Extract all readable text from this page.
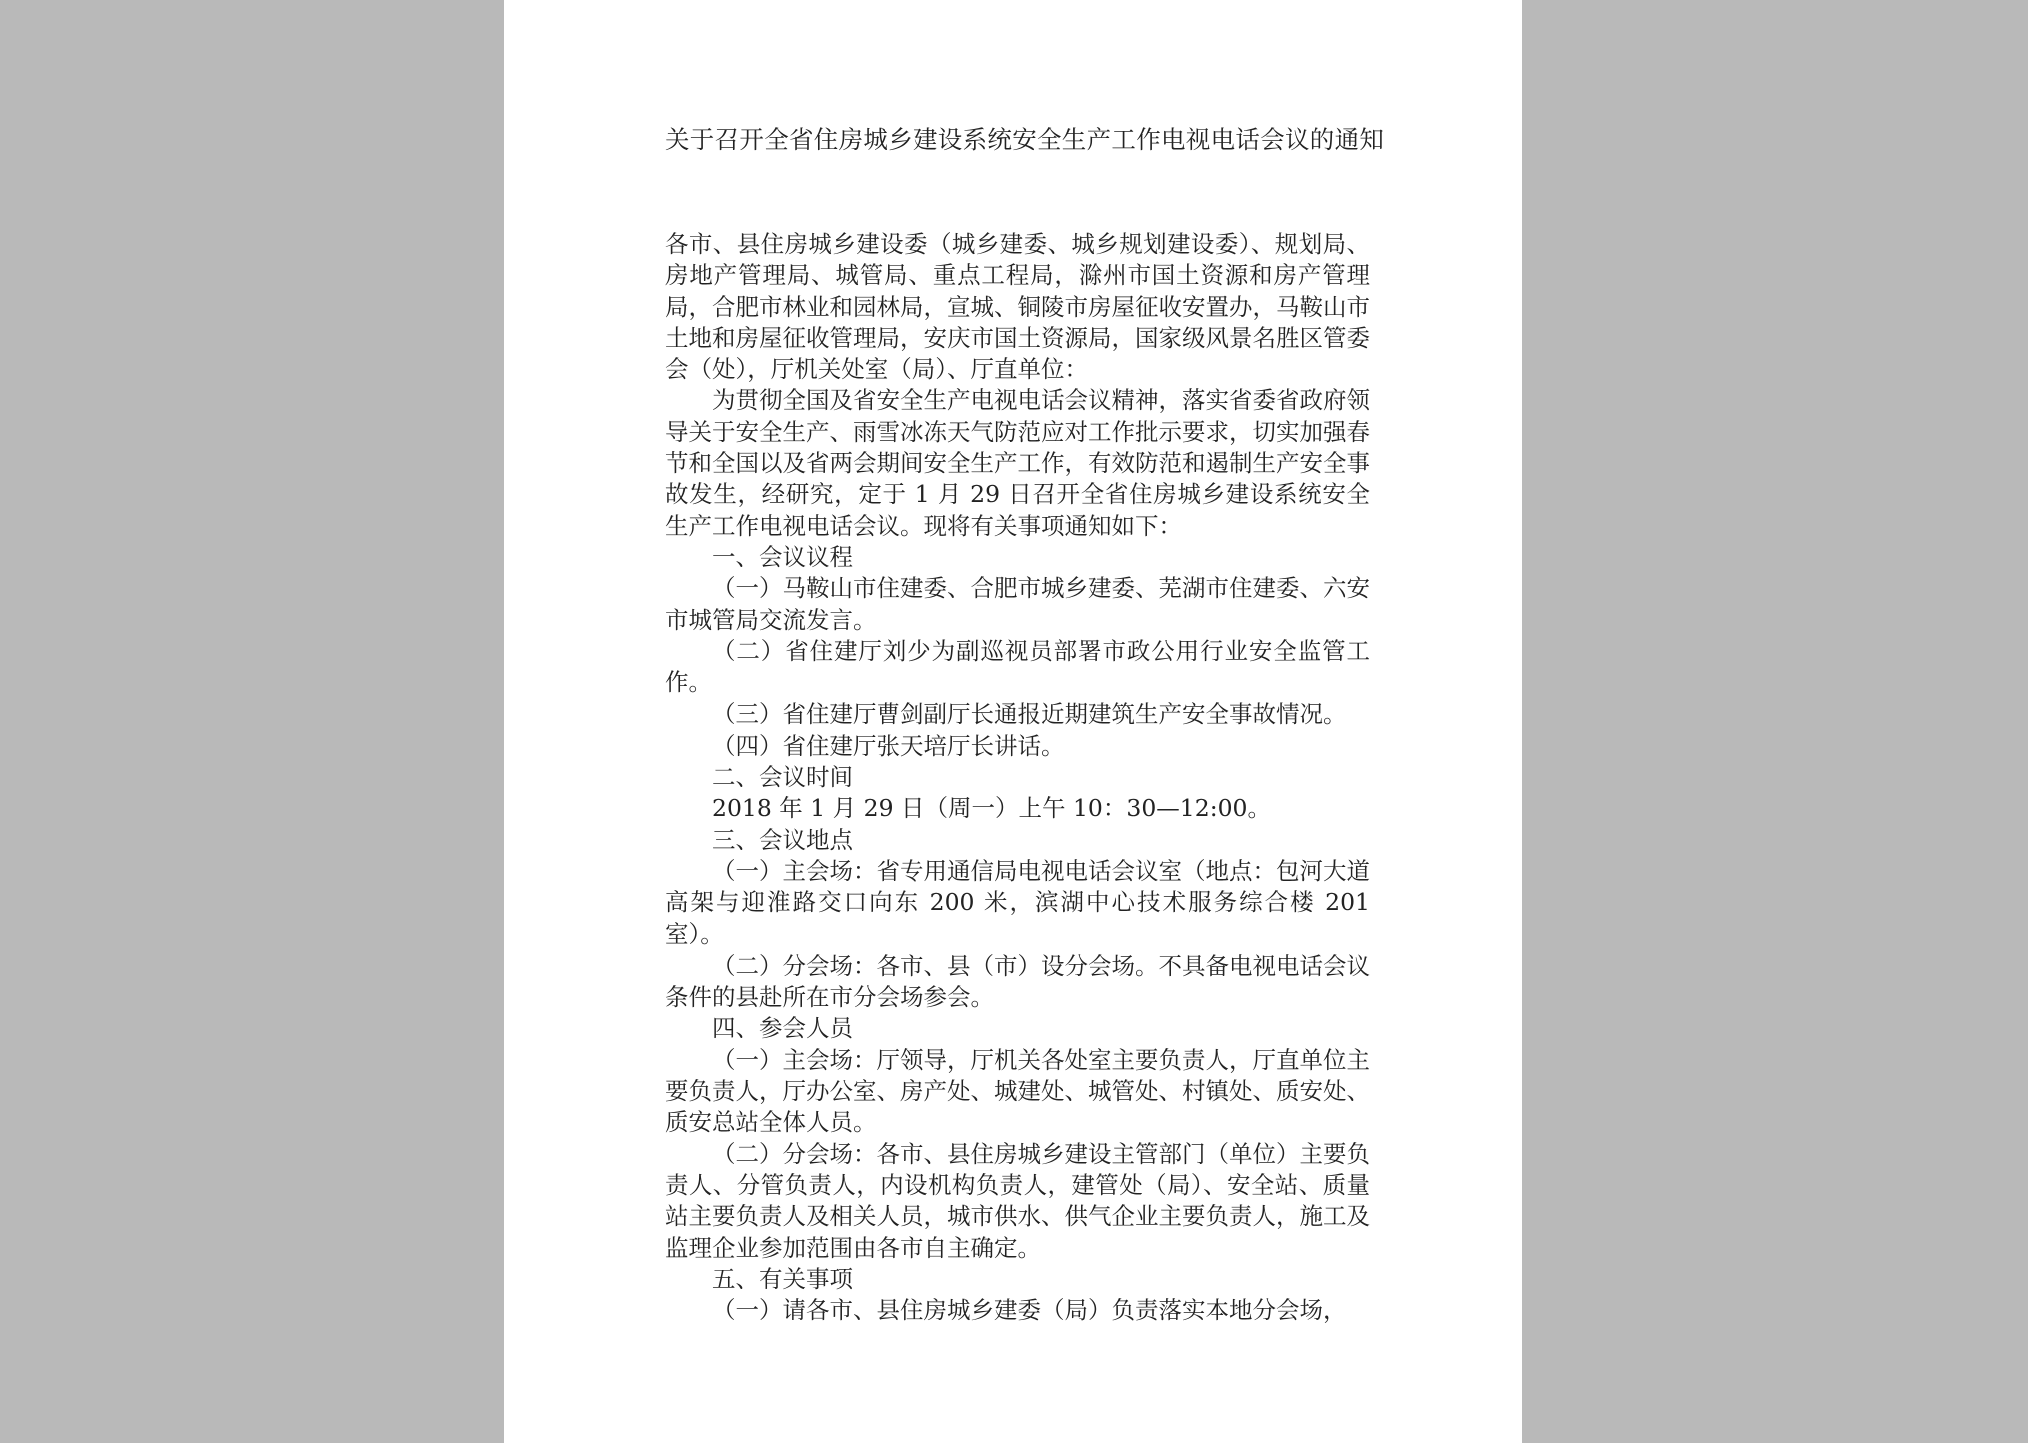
关于召开全省住房城乡建设系统安全生产工作电视电话会议的通知

各市、县住房城乡建设委（城乡建委、城乡规划建设委）、规划局、房地产管理局、城管局、重点工程局，滁州市国土资源和房产管理局，合肥市林业和园林局，宣城、铜陵市房屋征收安置办，马鞍山市土地和房屋征收管理局，安庆市国土资源局，国家级风景名胜区管委会（处），厅机关处室（局）、厅直单位：

为贯彻全国及省安全生产电视电话会议精神，落实省委省政府领导关于安全生产、雨雪冰冻天气防范应对工作批示要求，切实加强春节和全国以及省两会期间安全生产工作，有效防范和遏制生产安全事故发生，经研究，定于 1 月 29 日召开全省住房城乡建设系统安全生产工作电视电话会议。现将有关事项通知如下：

一、会议议程

（一）马鞍山市住建委、合肥市城乡建委、芜湖市住建委、六安市城管局交流发言。

（二）省住建厅刘少为副巡视员部署市政公用行业安全监管工作。

（三）省住建厅曹剑副厅长通报近期建筑生产安全事故情况。

（四）省住建厅张天培厅长讲话。

二、会议时间

2018 年 1 月 29 日（周一）上午 10：30—12:00。

三、会议地点

（一）主会场：省专用通信局电视电话会议室（地点：包河大道高架与迎淮路交口向东 200 米，滨湖中心技术服务综合楼 201 室）。

（二）分会场：各市、县（市）设分会场。不具备电视电话会议条件的县赴所在市分会场参会。

四、参会人员

（一）主会场：厅领导，厅机关各处室主要负责人，厅直单位主要负责人，厅办公室、房产处、城建处、城管处、村镇处、质安处、质安总站全体人员。

（二）分会场：各市、县住房城乡建设主管部门（单位）主要负责人、分管负责人，内设机构负责人，建管处（局）、安全站、质量站主要负责人及相关人员，城市供水、供气企业主要负责人，施工及监理企业参加范围由各市自主确定。

五、有关事项

（一）请各市、县住房城乡建委（局）负责落实本地分会场，
